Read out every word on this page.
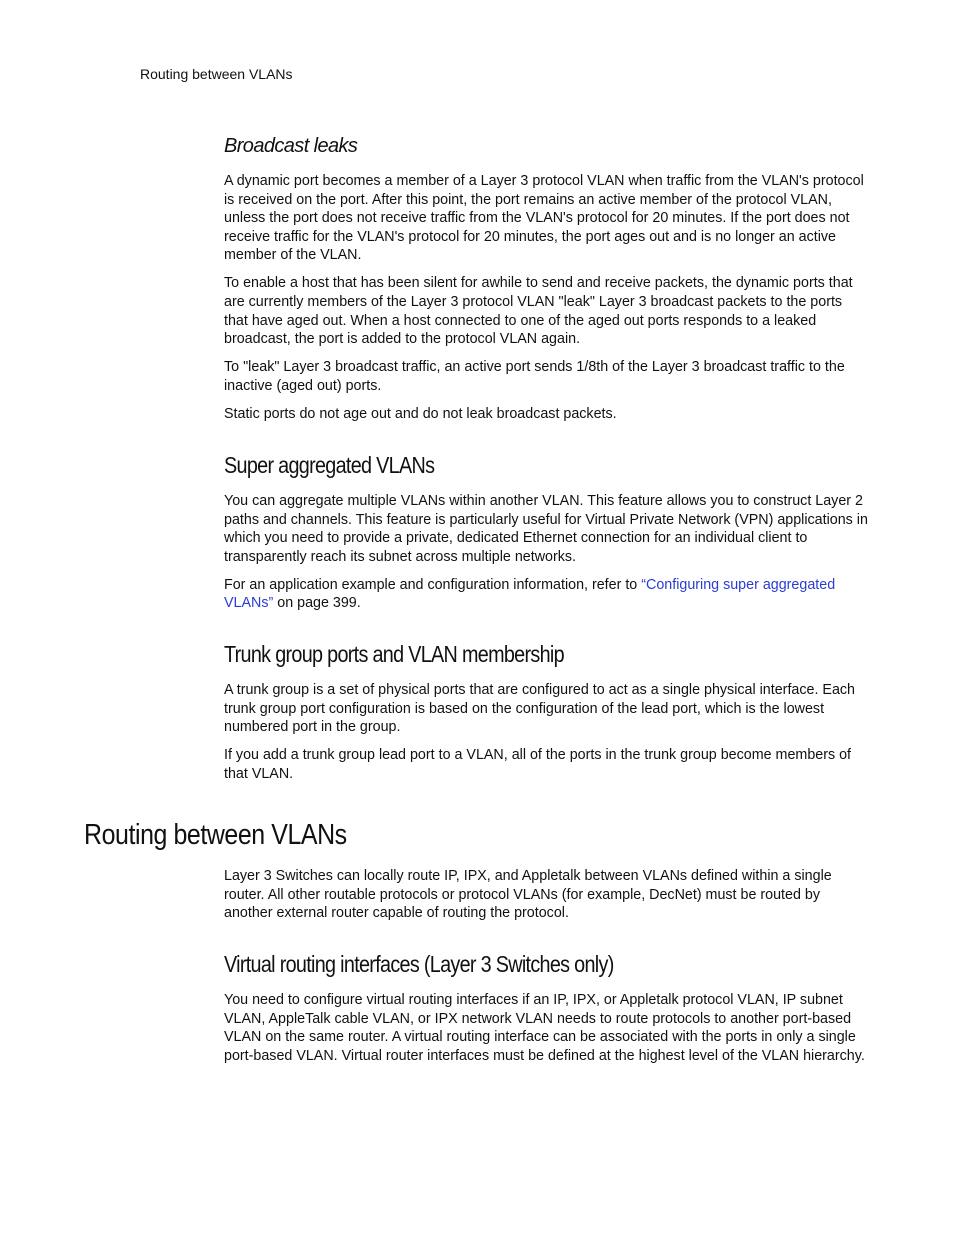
Routing between VLANs
Broadcast leaks

A dynamic port becomes a member of a Layer 3 protocol VLAN when traffic from the VLAN's protocol is received on the port. After this point, the port remains an active member of the protocol VLAN, unless the port does not receive traffic from the VLAN's protocol for 20 minutes. If the port does not receive traffic for the VLAN's protocol for 20 minutes, the port ages out and is no longer an active member of the VLAN.

To enable a host that has been silent for awhile to send and receive packets, the dynamic ports that are currently members of the Layer 3 protocol VLAN "leak" Layer 3 broadcast packets to the ports that have aged out. When a host connected to one of the aged out ports responds to a leaked broadcast, the port is added to the protocol VLAN again.

To "leak" Layer 3 broadcast traffic, an active port sends 1/8th of the Layer 3 broadcast traffic to the inactive (aged out) ports.

Static ports do not age out and do not leak broadcast packets.

Super aggregated VLANs

You can aggregate multiple VLANs within another VLAN. This feature allows you to construct Layer 2 paths and channels. This feature is particularly useful for Virtual Private Network (VPN) applications in which you need to provide a private, dedicated Ethernet connection for an individual client to transparently reach its subnet across multiple networks.

For an application example and configuration information, refer to “Configuring super aggregated VLANs” on page 399.

Trunk group ports and VLAN membership

A trunk group is a set of physical ports that are configured to act as a single physical interface. Each trunk group port configuration is based on the configuration of the lead port, which is the lowest numbered port in the group.

If you add a trunk group lead port to a VLAN, all of the ports in the trunk group become members of that VLAN.

Routing between VLANs

Layer 3 Switches can locally route IP, IPX, and Appletalk between VLANs defined within a single router. All other routable protocols or protocol VLANs (for example, DecNet) must be routed by another external router capable of routing the protocol.

Virtual routing interfaces (Layer 3 Switches only)

You need to configure virtual routing interfaces if an IP, IPX, or Appletalk protocol VLAN, IP subnet VLAN, AppleTalk cable VLAN, or IPX network VLAN needs to route protocols to another port-based VLAN on the same router. A virtual routing interface can be associated with the ports in only a single port-based VLAN. Virtual router interfaces must be defined at the highest level of the VLAN hierarchy.
